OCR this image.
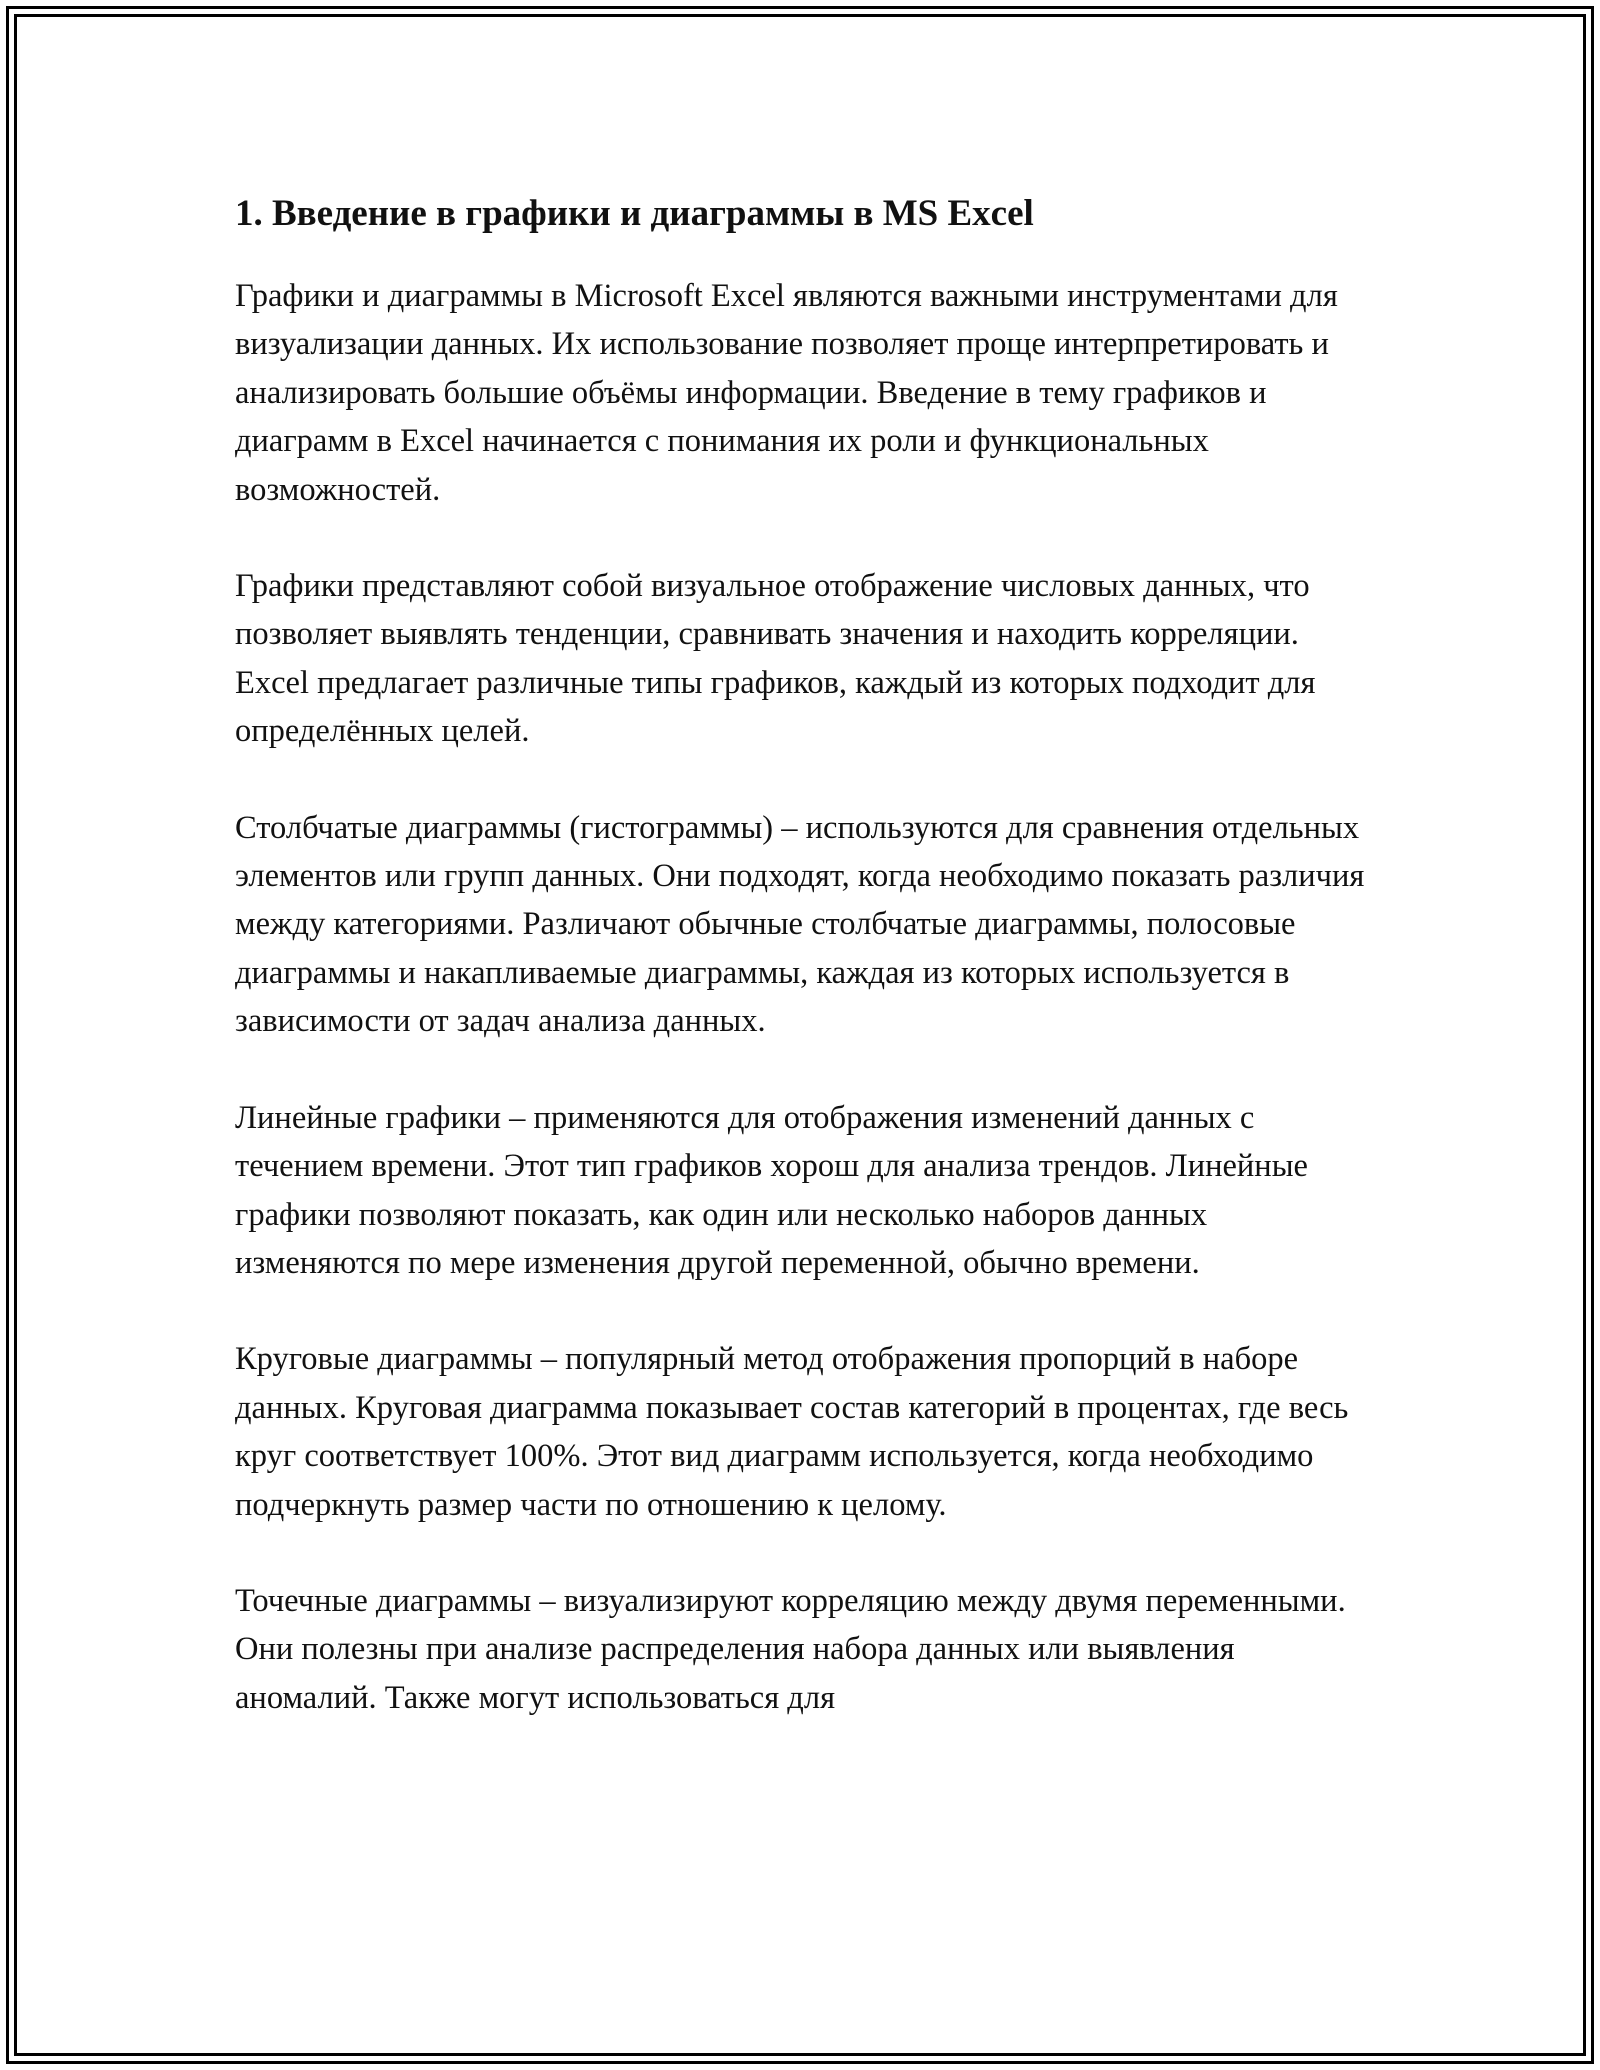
1. Введение в графики и диаграммы в MS Excel

Графики и диаграммы в Microsoft Excel являются важными инструментами для визуализации данных. Их использование позволяет проще интерпретировать и анализировать большие объёмы информации. Введение в тему графиков и диаграмм в Excel начинается с понимания их роли и функциональных возможностей.

Графики представляют собой визуальное отображение числовых данных, что позволяет выявлять тенденции, сравнивать значения и находить корреляции. Excel предлагает различные типы графиков, каждый из которых подходит для определённых целей.

Столбчатые диаграммы (гистограммы) – используются для сравнения отдельных элементов или групп данных. Они подходят, когда необходимо показать различия между категориями. Различают обычные столбчатые диаграммы, полосовые диаграммы и накапливаемые диаграммы, каждая из которых используется в зависимости от задач анализа данных.

Линейные графики – применяются для отображения изменений данных с течением времени. Этот тип графиков хорош для анализа трендов. Линейные графики позволяют показать, как один или несколько наборов данных изменяются по мере изменения другой переменной, обычно времени.

Круговые диаграммы – популярный метод отображения пропорций в наборе данных. Круговая диаграмма показывает состав категорий в процентах, где весь круг соответствует 100%. Этот вид диаграмм используется, когда необходимо подчеркнуть размер части по отношению к целому.

Точечные диаграммы – визуализируют корреляцию между двумя переменными. Они полезны при анализе распределения набора данных или выявления аномалий. Также могут использоваться для
